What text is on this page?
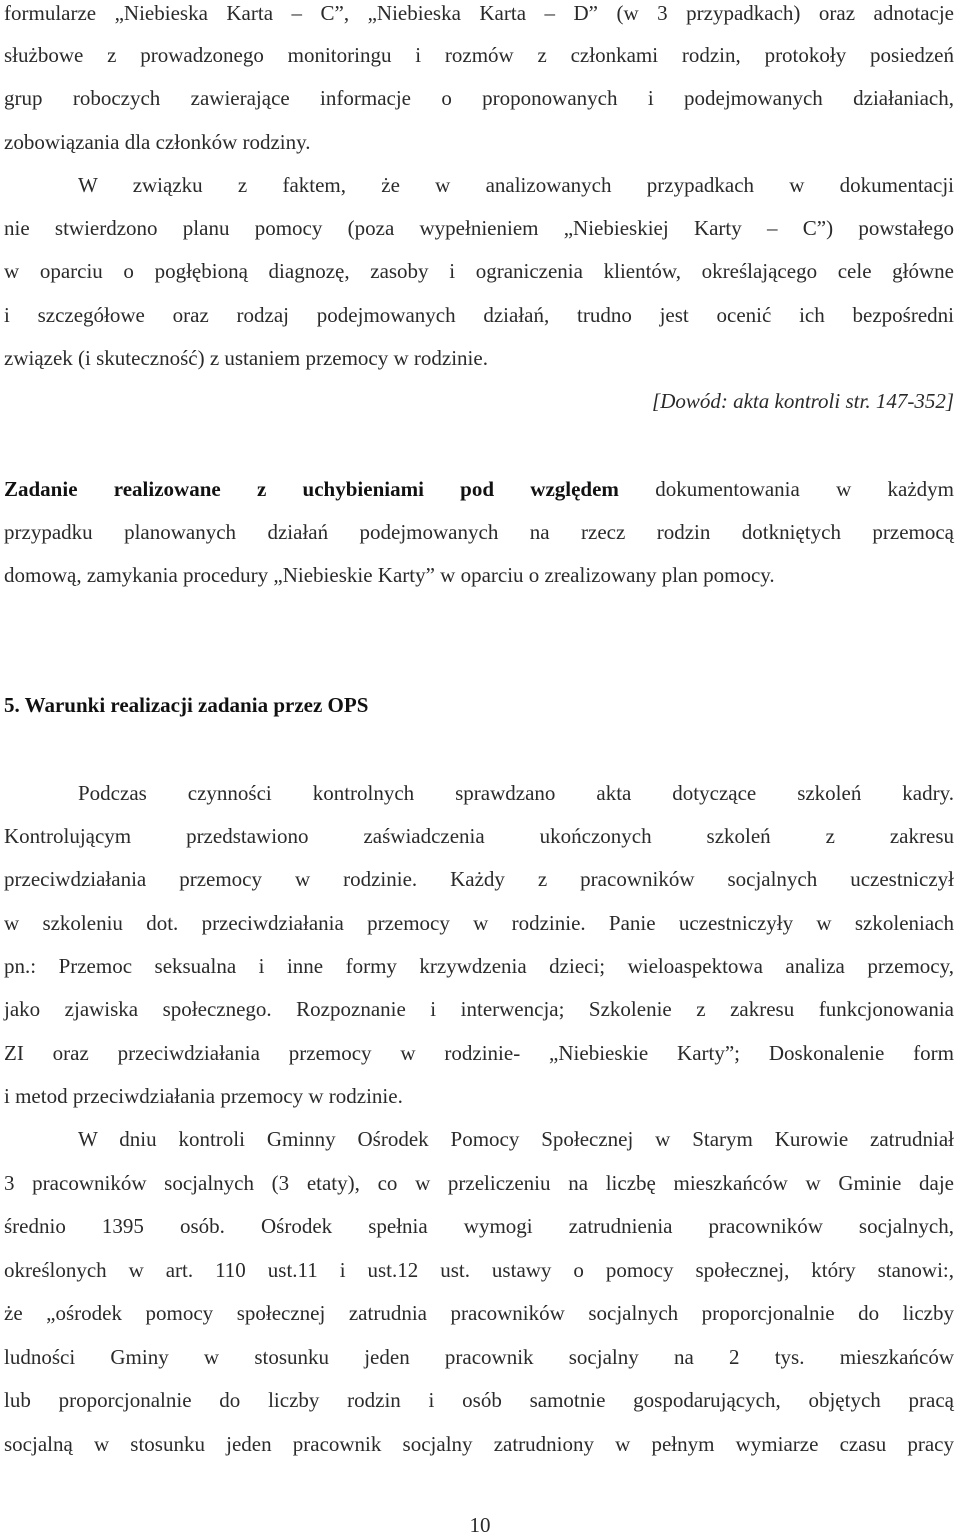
formularze „Niebieska Karta – C”, „Niebieska Karta – D” (w 3 przypadkach) oraz adnotacje
służbowe z prowadzonego monitoringu i rozmów z członkami rodzin, protokoły posiedzeń
grup roboczych zawierające informacje o proponowanych i podejmowanych działaniach,
zobowiązania dla członków rodziny.
W związku z faktem, że w analizowanych przypadkach w dokumentacji
nie stwierdzono planu pomocy (poza wypełnieniem „Niebieskiej Karty – C”) powstałego
w oparciu o pogłębioną diagnozę, zasoby i ograniczenia klientów, określającego cele główne
i szczegółowe oraz rodzaj podejmowanych działań, trudno jest ocenić ich bezpośredni
związek (i skuteczność) z ustaniem przemocy w rodzinie.
[Dowód: akta kontroli str. 147-352]
Zadanie realizowane z uchybieniami pod względem dokumentowania w każdym
przypadku planowanych działań podejmowanych na rzecz rodzin dotkniętych przemocą
domową, zamykania procedury „Niebieskie Karty” w oparciu o zrealizowany plan pomocy.
5. Warunki realizacji zadania przez OPS
Podczas czynności kontrolnych sprawdzano akta dotyczące szkoleń kadry.
Kontrolującym przedstawiono zaświadczenia ukończonych szkoleń z zakresu
przeciwdziałania przemocy w rodzinie. Każdy z pracowników socjalnych uczestniczył
w szkoleniu dot. przeciwdziałania przemocy w rodzinie. Panie uczestniczyły w szkoleniach
pn.: Przemoc seksualna i inne formy krzywdzenia dzieci; wieloaspektowa analiza przemocy,
jako zjawiska społecznego. Rozpoznanie i interwencja; Szkolenie z zakresu funkcjonowania
ZI oraz przeciwdziałania przemocy w rodzinie- „Niebieskie Karty”; Doskonalenie form
i metod przeciwdziałania przemocy w rodzinie.
W dniu kontroli Gminny Ośrodek Pomocy Społecznej w Starym Kurowie zatrudniał
3 pracowników socjalnych (3 etaty), co w przeliczeniu na liczbę mieszkańców w Gminie daje
średnio 1395 osób. Ośrodek spełnia wymogi zatrudnienia pracowników socjalnych,
określonych w art. 110 ust.11 i ust.12 ust. ustawy o pomocy społecznej, który stanowi:,
że „ośrodek pomocy społecznej zatrudnia pracowników socjalnych proporcjonalnie do liczby
ludności Gminy w stosunku jeden pracownik socjalny na 2 tys. mieszkańców
lub proporcjonalnie do liczby rodzin i osób samotnie gospodarujących, objętych pracą
socjalną w stosunku jeden pracownik socjalny zatrudniony w pełnym wymiarze czasu pracy
10
